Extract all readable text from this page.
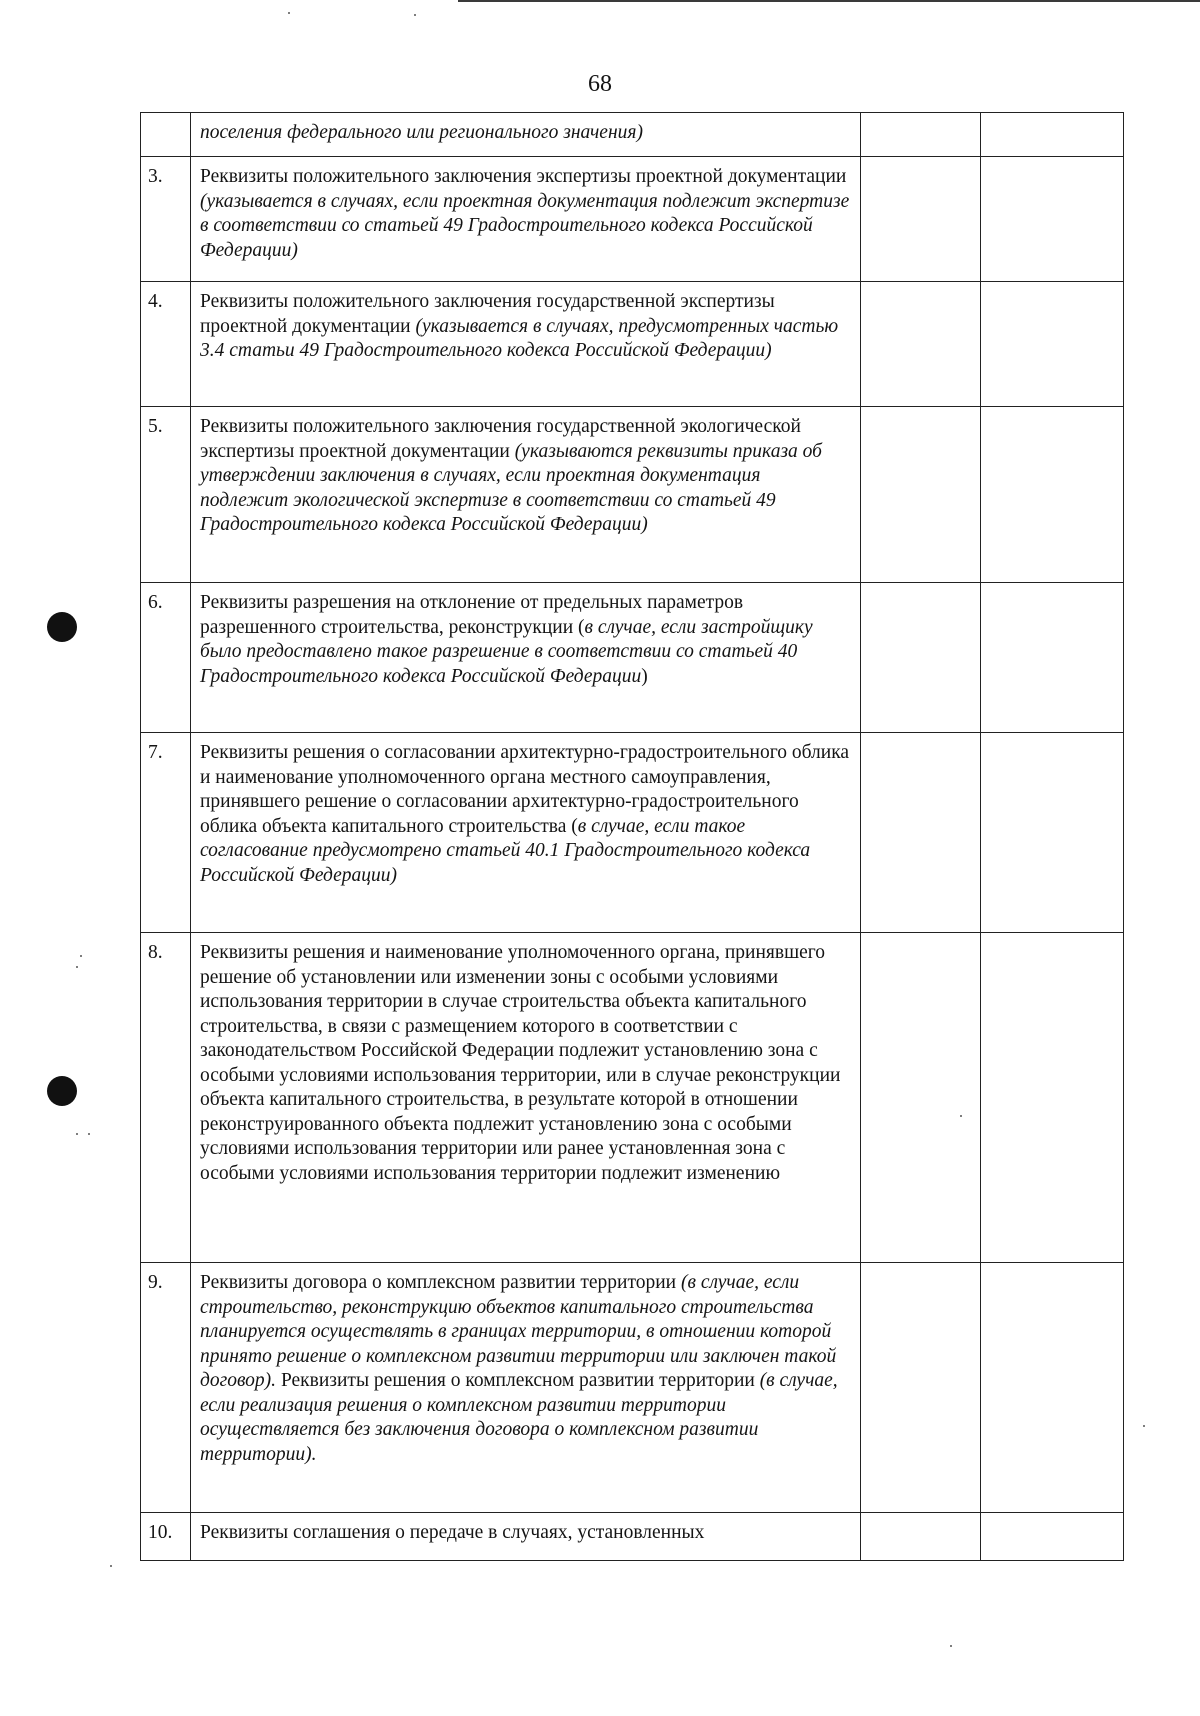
68
	поселения федерального или регионального значения)		
3.	Реквизиты положительного заключения экспертизы проектной документации (указывается в случаях, если проектная документация подлежит экспертизе в соответствии со статьей 49 Градостроительного кодекса Российской Федерации)		
4.	Реквизиты положительного заключения государственной экспертизы проектной документации (указывается в случаях, предусмотренных частью 3.4 статьи 49 Градостроительного кодекса Российской Федерации)		
5.	Реквизиты положительного заключения государственной экологической экспертизы проектной документации (указываются реквизиты приказа об утверждении заключения в случаях, если проектная документация подлежит экологической экспертизе в соответствии со статьей 49 Градостроительного кодекса Российской Федерации)		
6.	Реквизиты разрешения на отклонение от предельных параметров разрешенного строительства, реконструкции (в случае, если застройщику было предоставлено такое разрешение в соответствии со статьей 40 Градостроительного кодекса Российской Федерации)		
7.	Реквизиты решения о согласовании архитектурно-градостроительного облика и наименование уполномоченного органа местного самоуправления, принявшего решение о согласовании архитектурно-градостроительного облика объекта капитального строительства (в случае, если такое согласование предусмотрено статьей 40.1 Градостроительного кодекса Российской Федерации)		
8.	Реквизиты решения и наименование уполномоченного органа, принявшего решение об установлении или изменении зоны с особыми условиями использования территории в случае строительства объекта капитального строительства, в связи с размещением которого в соответствии с законодательством Российской Федерации подлежит установлению зона с особыми условиями использования территории, или в случае реконструкции объекта капитального строительства, в результате которой в отношении реконструированного объекта подлежит установлению зона с особыми условиями использования территории или ранее установленная зона с особыми условиями использования территории подлежит изменению		
9.	Реквизиты договора о комплексном развитии территории (в случае, если строительство, реконструкцию объектов капитального строительства планируется осуществлять в границах территории, в отношении которой принято решение о комплексном развитии территории или заключен такой договор). Реквизиты решения о комплексном развитии территории (в случае, если реализация решения о комплексном развитии территории осуществляется без заключения договора о комплексном развитии территории).		
10.	Реквизиты соглашения о передаче в случаях, установленных		
